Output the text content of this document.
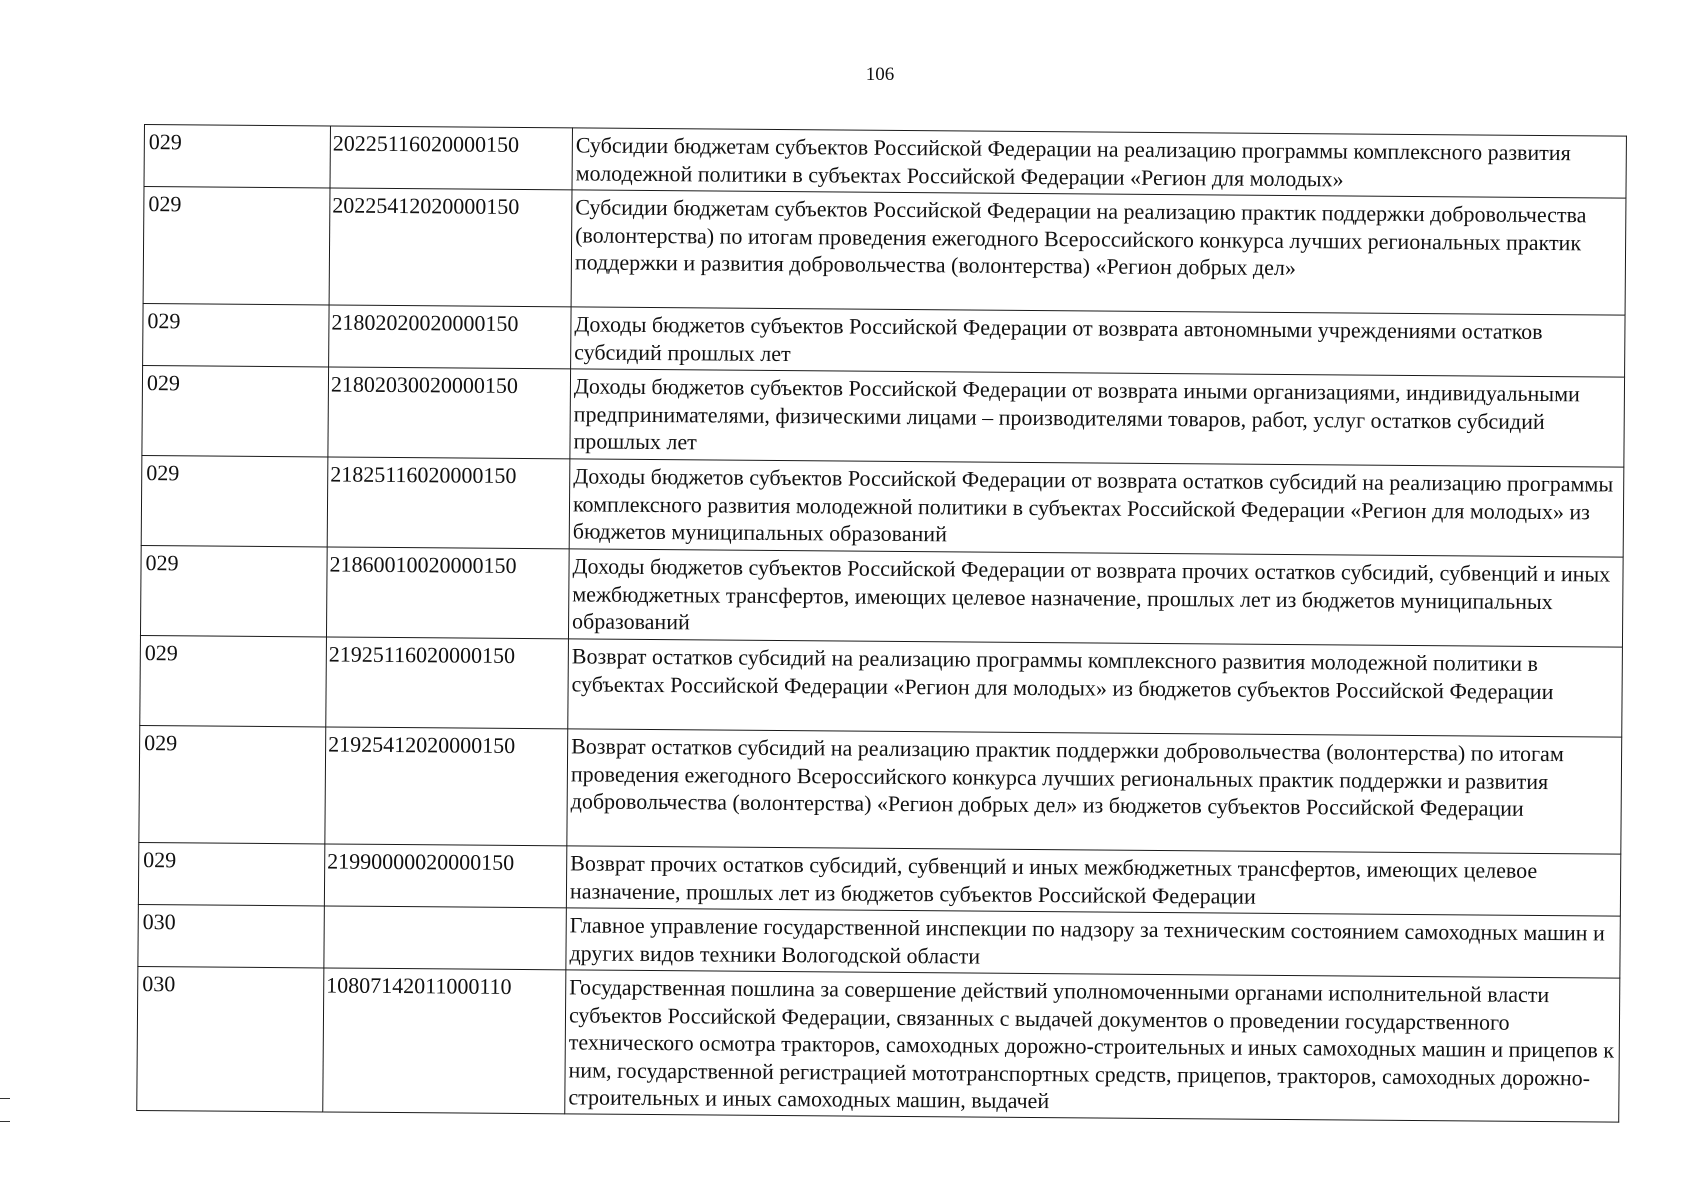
106
029	20225116020000150	Субсидии бюджетам субъектов Российской Федерации на реализацию программы комплексного развития молодежной политики в субъектах Российской Федерации «Регион для молодых»
029	20225412020000150	Субсидии бюджетам субъектов Российской Федерации на реализацию практик поддержки добровольчества (волонтерства) по итогам проведения ежегодного Всероссийского конкурса лучших региональных практик поддержки и развития добровольчества (волонтерства) «Регион добрых дел»
029	21802020020000150	Доходы бюджетов субъектов Российской Федерации от возврата автономными учреждениями остатков субсидий прошлых лет
029	21802030020000150	Доходы бюджетов субъектов Российской Федерации от возврата иными организациями, индивидуальными предпринимателями, физическими лицами – производителями товаров, работ, услуг остатков субсидий прошлых лет
029	21825116020000150	Доходы бюджетов субъектов Российской Федерации от возврата остатков субсидий на реализацию программы комплексного развития молодежной политики в субъектах Российской Федерации «Регион для молодых» из бюджетов муниципальных образований
029	21860010020000150	Доходы бюджетов субъектов Российской Федерации от возврата прочих остатков субсидий, субвенций и иных межбюджетных трансфертов, имеющих целевое назначение, прошлых лет из бюджетов муниципальных образований
029	21925116020000150	Возврат остатков субсидий на реализацию программы комплексного развития молодежной политики в субъектах Российской Федерации «Регион для молодых» из бюджетов субъектов Российской Федерации
029	21925412020000150	Возврат остатков субсидий на реализацию практик поддержки добровольчества (волонтерства) по итогам проведения ежегодного Всероссийского конкурса лучших региональных практик поддержки и развития добровольчества (волонтерства) «Регион добрых дел» из бюджетов субъектов Российской Федерации
029	21990000020000150	Возврат прочих остатков субсидий, субвенций и иных межбюджетных трансфертов, имеющих целевое назначение, прошлых лет из бюджетов субъектов Российской Федерации
030		Главное управление государственной инспекции по надзору за техническим состоянием самоходных машин и других видов техники Вологодской области
030	10807142011000110	Государственная пошлина за совершение действий уполномоченными органами исполнительной власти субъектов Российской Федерации, связанных с выдачей документов о проведении государственного технического осмотра тракторов, самоходных дорожно-строительных и иных самоходных машин и прицепов к ним, государственной регистрацией мототранспортных средств, прицепов, тракторов, самоходных дорожно-строительных и иных самоходных машин, выдачей
